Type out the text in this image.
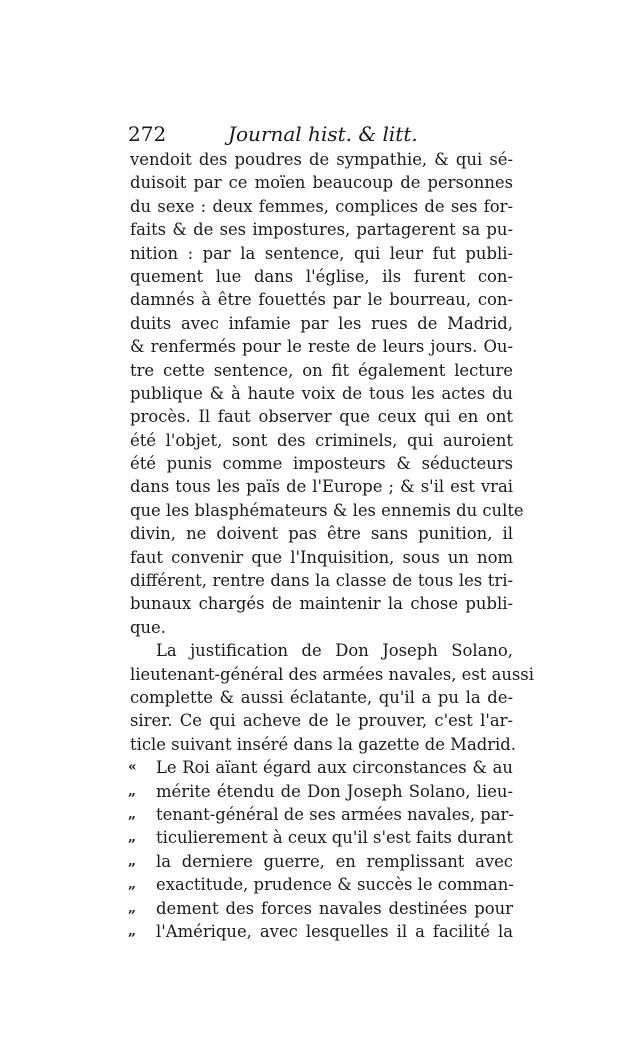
272	Journal hist. & litt.
vendoit des poudres de sympathie, & qui sé-
duisoit par ce moïen beaucoup de personnes
du sexe : deux femmes, complices de ses for-
faits & de ses impostures, partagerent sa pu-
nition : par la sentence, qui leur fut publi-
quement lue dans l'église, ils furent con-
damnés à être fouettés par le bourreau, con-
duits avec infamie par les rues de Madrid,
& renfermés pour le reste de leurs jours. Ou-
tre cette sentence, on fit également lecture
publique & à haute voix de tous les actes du
procès. Il faut observer que ceux qui en ont
été l'objet, sont des criminels, qui auroient
été punis comme imposteurs & séducteurs
dans tous les païs de l'Europe ; & s'il est vrai
que les blasphémateurs & les ennemis du culte
divin, ne doivent pas être sans punition, il
faut convenir que l'Inquisition, sous un nom
différent, rentre dans la classe de tous les tri-
bunaux chargés de maintenir la chose publi-
que.
La justification de Don Joseph Solano,
lieutenant-général des armées navales, est aussi
complette & aussi éclatante, qu'il a pu la de-
sirer. Ce qui acheve de le prouver, c'est l'ar-
ticle suivant inséré dans la gazette de Madrid.
« Le Roi aïant égard aux circonstances & au
„ mérite étendu de Don Joseph Solano, lieu-
„ tenant-général de ses armées navales, par-
„ ticulierement à ceux qu'il s'est faits durant
„ la derniere guerre, en remplissant avec
„ exactitude, prudence & succès le comman-
„ dement des forces navales destinées pour
„ l'Amérique, avec lesquelles il a facilité la
